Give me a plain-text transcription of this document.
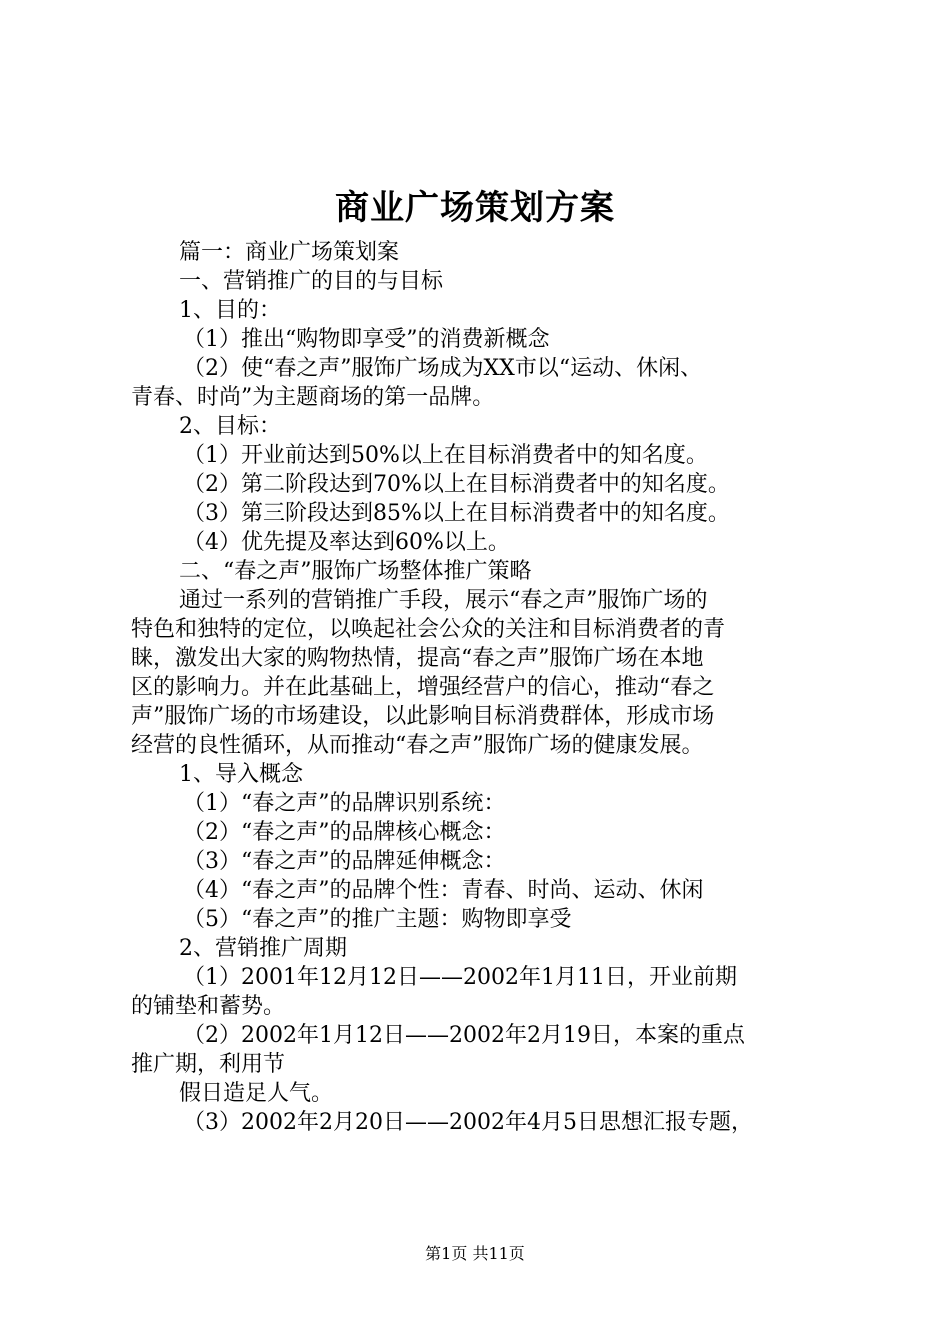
商业广场策划方案
篇一：商业广场策划案
一、营销推广的目的与目标
1、目的：
（1）推出“购物即享受”的消费新概念
（2）使“春之声”服饰广场成为XX市以“运动、休闲、
青春、时尚”为主题商场的第一品牌。
2、目标：
（1）开业前达到50%以上在目标消费者中的知名度。
（2）第二阶段达到70%以上在目标消费者中的知名度。
（3）第三阶段达到85%以上在目标消费者中的知名度。
（4）优先提及率达到60%以上。
二、“春之声”服饰广场整体推广策略
通过一系列的营销推广手段，展示“春之声”服饰广场的
特色和独特的定位，以唤起社会公众的关注和目标消费者的青
睐，激发出大家的购物热情，提高“春之声”服饰广场在本地
区的影响力。并在此基础上，增强经营户的信心，推动“春之
声”服饰广场的市场建设，以此影响目标消费群体，形成市场
经营的良性循环，从而推动“春之声”服饰广场的健康发展。
1、导入概念
（1）“春之声”的品牌识别系统：
（2）“春之声”的品牌核心概念：
（3）“春之声”的品牌延伸概念：
（4）“春之声”的品牌个性：青春、时尚、运动、休闲
（5）“春之声”的推广主题：购物即享受
2、营销推广周期
（1）2001年12月12日——2002年1月11日，开业前期
的铺垫和蓄势。
（2）2002年1月12日——2002年2月19日，本案的重点
推广期，利用节
假日造足人气。
（3）2002年2月20日——2002年4月5日思想汇报专题，
第1页 共11页
